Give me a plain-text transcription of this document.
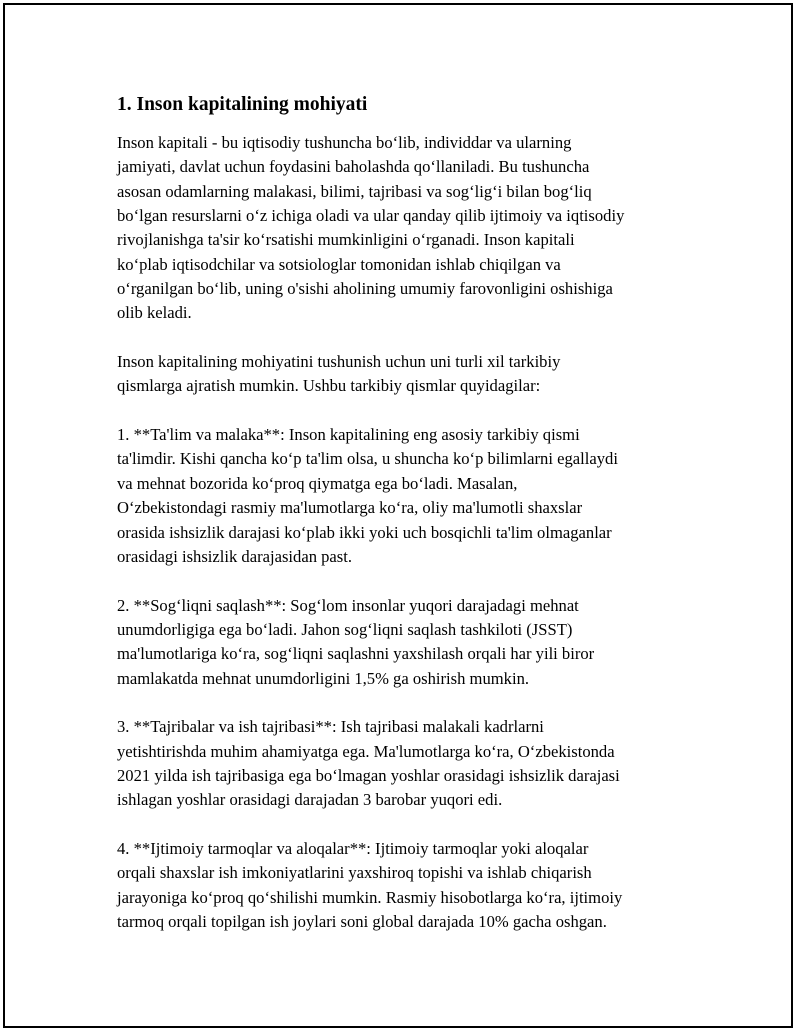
1. Inson kapitalining mohiyati

Inson kapitali - bu iqtisodiy tushuncha bo‘lib, individdar va ularning
jamiyati, davlat uchun foydasini baholashda qo‘llaniladi. Bu tushuncha
asosan odamlarning malakasi, bilimi, tajribasi va sog‘lig‘i bilan bog‘liq
bo‘lgan resurslarni o‘z ichiga oladi va ular qanday qilib ijtimoiy va iqtisodiy
rivojlanishga ta'sir ko‘rsatishi mumkinligini o‘rganadi. Inson kapitali
ko‘plab iqtisodchilar va sotsiologlar tomonidan ishlab chiqilgan va
o‘rganilgan bo‘lib, uning o'sishi aholining umumiy farovonligini oshishiga
olib keladi.

Inson kapitalining mohiyatini tushunish uchun uni turli xil tarkibiy
qismlarga ajratish mumkin. Ushbu tarkibiy qismlar quyidagilar:

1. **Ta'lim va malaka**: Inson kapitalining eng asosiy tarkibiy qismi
ta'limdir. Kishi qancha ko‘p ta'lim olsa, u shuncha ko‘p bilimlarni egallaydi
va mehnat bozorida ko‘proq qiymatga ega bo‘ladi. Masalan,
O‘zbekistondagi rasmiy ma'lumotlarga ko‘ra, oliy ma'lumotli shaxslar
orasida ishsizlik darajasi ko‘plab ikki yoki uch bosqichli ta'lim olmaganlar
orasidagi ishsizlik darajasidan past.

2. **Sog‘liqni saqlash**: Sog‘lom insonlar yuqori darajadagi mehnat
unumdorligiga ega bo‘ladi. Jahon sog‘liqni saqlash tashkiloti (JSST)
ma'lumotlariga ko‘ra, sog‘liqni saqlashni yaxshilash orqali har yili biror
mamlakatda mehnat unumdorligini 1,5% ga oshirish mumkin.

3. **Tajribalar va ish tajribasi**: Ish tajribasi malakali kadrlarni
yetishtirishda muhim ahamiyatga ega. Ma'lumotlarga ko‘ra, O‘zbekistonda
2021 yilda ish tajribasiga ega bo‘lmagan yoshlar orasidagi ishsizlik darajasi
ishlagan yoshlar orasidagi darajadan 3 barobar yuqori edi.

4. **Ijtimoiy tarmoqlar va aloqalar**: Ijtimoiy tarmoqlar yoki aloqalar
orqali shaxslar ish imkoniyatlarini yaxshiroq topishi va ishlab chiqarish
jarayoniga ko‘proq qo‘shilishi mumkin. Rasmiy hisobotlarga ko‘ra, ijtimoiy
tarmoq orqali topilgan ish joylari soni global darajada 10% gacha oshgan.
